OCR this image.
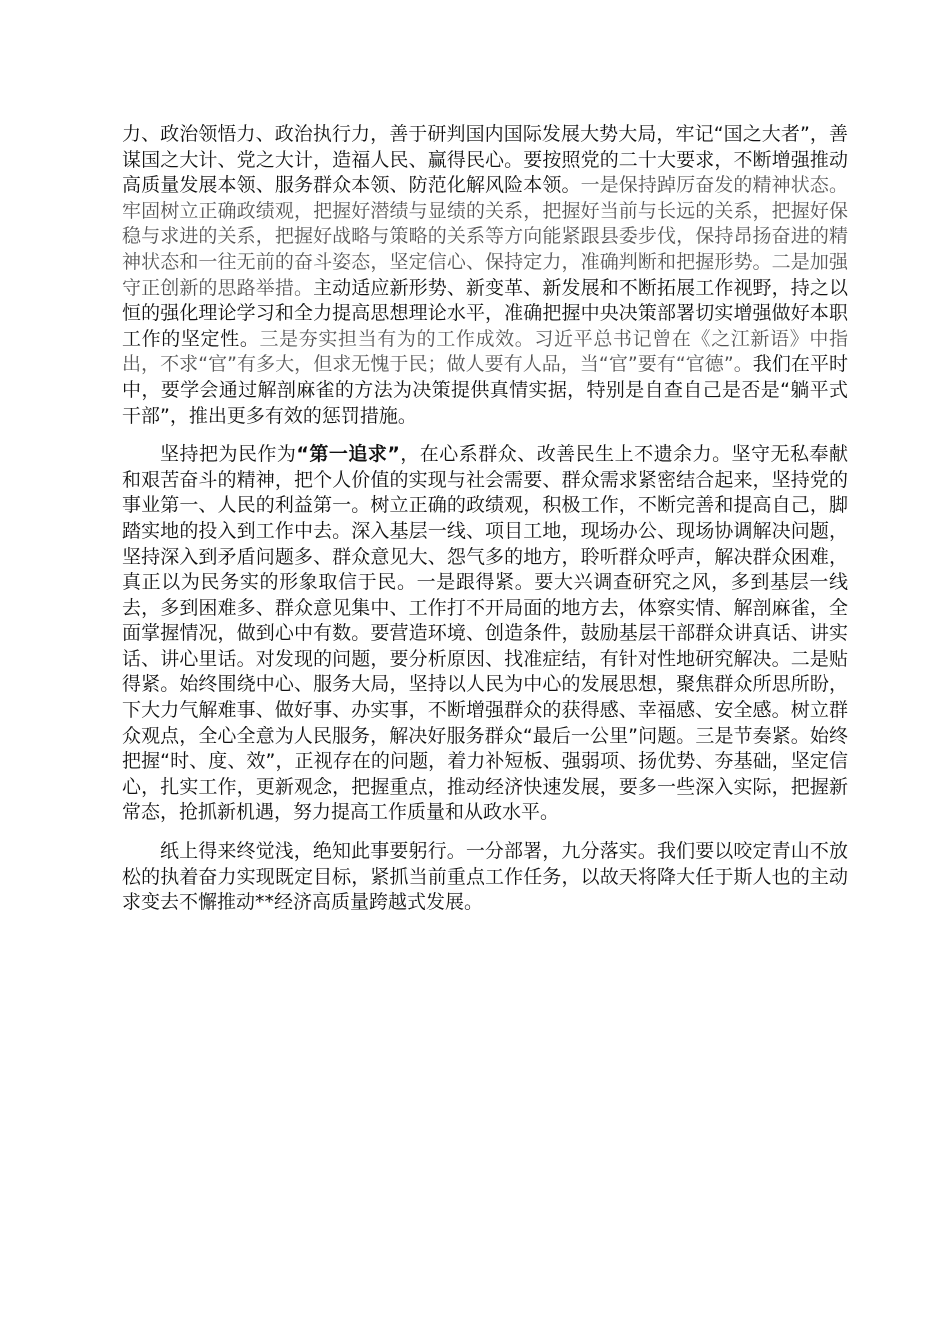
力、政治领悟力、政治执行力，善于研判国内国际发展大势大局，牢记“国之大者”，善谋国之大计、党之大计，造福人民、赢得民心。要按照党的二十大要求，不断增强推动高质量发展本领、服务群众本领、防范化解风险本领。一是保持踔厉奋发的精神状态。牢固树立正确政绩观，把握好潜绩与显绩的关系，把握好当前与长远的关系，把握好保稳与求进的关系，把握好战略与策略的关系等方向能紧跟县委步伐，保持昂扬奋进的精神状态和一往无前的奋斗姿态，坚定信心、保持定力，准确判断和把握形势。二是加强守正创新的思路举措。主动适应新形势、新变革、新发展和不断拓展工作视野，持之以恒的强化理论学习和全力提高思想理论水平，准确把握中央决策部署切实增强做好本职工作的坚定性。三是夯实担当有为的工作成效。习近平总书记曾在《之江新语》中指出，不求“官”有多大，但求无愧于民；做人要有人品，当“官”要有“官德”。我们在平时中，要学会通过解剖麻雀的方法为决策提供真情实据，特别是自查自己是否是“躺平式干部”，推出更多有效的惩罚措施。

坚持把为民作为“第一追求”，在心系群众、改善民生上不遗余力。坚守无私奉献和艰苦奋斗的精神，把个人价值的实现与社会需要、群众需求紧密结合起来，坚持党的事业第一、人民的利益第一。树立正确的政绩观，积极工作，不断完善和提高自己，脚踏实地的投入到工作中去。深入基层一线、项目工地，现场办公、现场协调解决问题，坚持深入到矛盾问题多、群众意见大、怨气多的地方，聆听群众呼声，解决群众困难，真正以为民务实的形象取信于民。一是跟得紧。要大兴调查研究之风，多到基层一线去，多到困难多、群众意见集中、工作打不开局面的地方去，体察实情、解剖麻雀，全面掌握情况，做到心中有数。要营造环境、创造条件，鼓励基层干部群众讲真话、讲实话、讲心里话。对发现的问题，要分析原因、找准症结，有针对性地研究解决。二是贴得紧。始终围绕中心、服务大局，坚持以人民为中心的发展思想，聚焦群众所思所盼，下大力气解难事、做好事、办实事，不断增强群众的获得感、幸福感、安全感。树立群众观点，全心全意为人民服务，解决好服务群众“最后一公里”问题。三是节奏紧。始终把握“时、度、效”，正视存在的问题，着力补短板、强弱项、扬优势、夯基础，坚定信心，扎实工作，更新观念，把握重点，推动经济快速发展，要多一些深入实际，把握新常态，抢抓新机遇，努力提高工作质量和从政水平。

纸上得来终觉浅，绝知此事要躬行。一分部署，九分落实。我们要以咬定青山不放松的执着奋力实现既定目标，紧抓当前重点工作任务，以故天将降大任于斯人也的主动求变去不懈推动**经济高质量跨越式发展。
